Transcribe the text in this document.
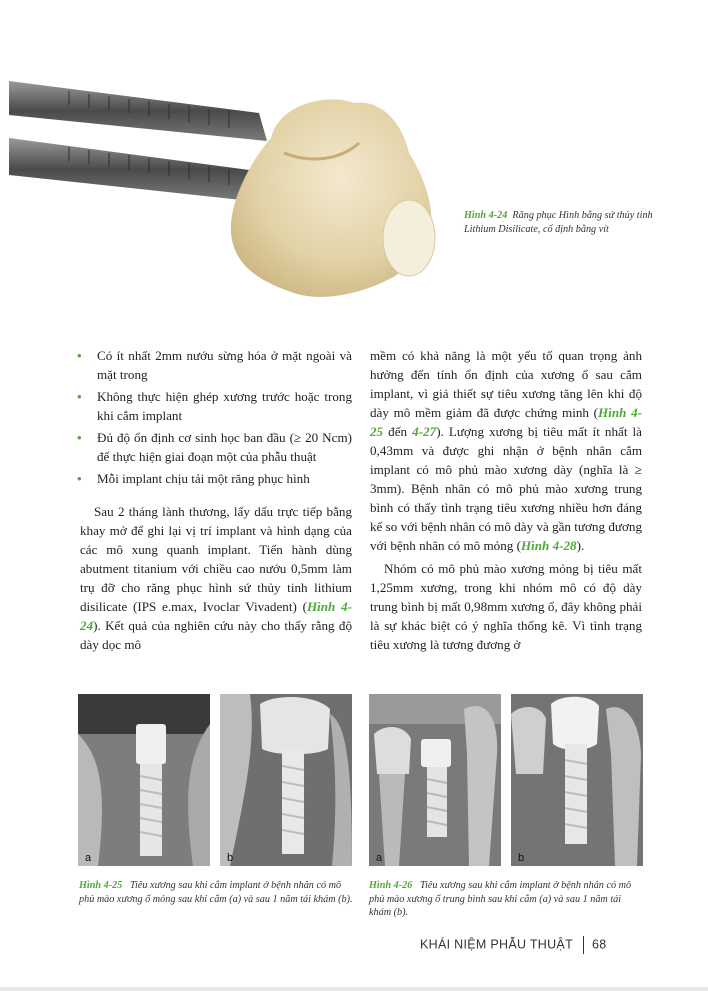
Hình 4-24 Răng phục Hình bằng sứ thủy tinh Lithium Disilicate, cố định bằng vít
• Có ít nhất 2mm nướu sừng hóa ở mặt ngoài và mặt trong
• Không thực hiện ghép xương trước hoặc trong khi cắm implant
• Đủ độ ổn định cơ sinh học ban đầu (≥ 20 Ncm) để thực hiện giai đoạn một của phẫu thuật
• Mỗi implant chịu tải một răng phục hình

Sau 2 tháng lành thương, lấy dấu trực tiếp bằng khay mở để ghi lại vị trí implant và hình dạng của các mô xung quanh implant. Tiến hành dùng abutment titanium với chiều cao nướu 0,5mm làm trụ đỡ cho răng phục hình sứ thủy tinh lithium disilicate (IPS e.max, Ivoclar Vivadent) (Hình 4-24). Kết quả của nghiên cứu này cho thấy rằng độ dày dọc mô

mềm có khả năng là một yếu tố quan trọng ảnh hưởng đến tính ổn định của xương ổ sau cắm implant, vì giả thiết sự tiêu xương tăng lên khi độ dày mô mềm giảm đã được chứng minh (Hình 4-25 đến 4-27). Lượng xương bị tiêu mất ít nhất là 0,43mm và được ghi nhận ở bệnh nhân cắm implant có mô phủ mào xương dày (nghĩa là ≥ 3mm). Bệnh nhân có mô phủ mào xương trung bình có thấy tình trạng tiêu xương nhiều hơn đáng kể so với bệnh nhân có mô dày và gần tương đương với bệnh nhân có mô mỏng (Hình 4-28).

Nhóm có mô phủ mào xương mỏng bị tiêu mất 1,25mm xương, trong khi nhóm mô có độ dày trung bình bị mất 0,98mm xương ổ, đây không phải là sự khác biệt có ý nghĩa thống kê. Vì tình trạng tiêu xương là tương đương ở

a	b	a	b
Hình 4-25 Tiêu xương sau khi cắm implant ở bệnh nhân có mô phủ mào xương ổ mỏng sau khi cắm (a) và sau 1 năm tái khám (b).
Hình 4-26 Tiêu xương sau khi cắm implant ở bệnh nhân có mô phủ mào xương ổ trung bình sau khi cắm (a) và sau 1 năm tái khám (b).
KHÁI NIỆM PHẪU THUẬT 68
